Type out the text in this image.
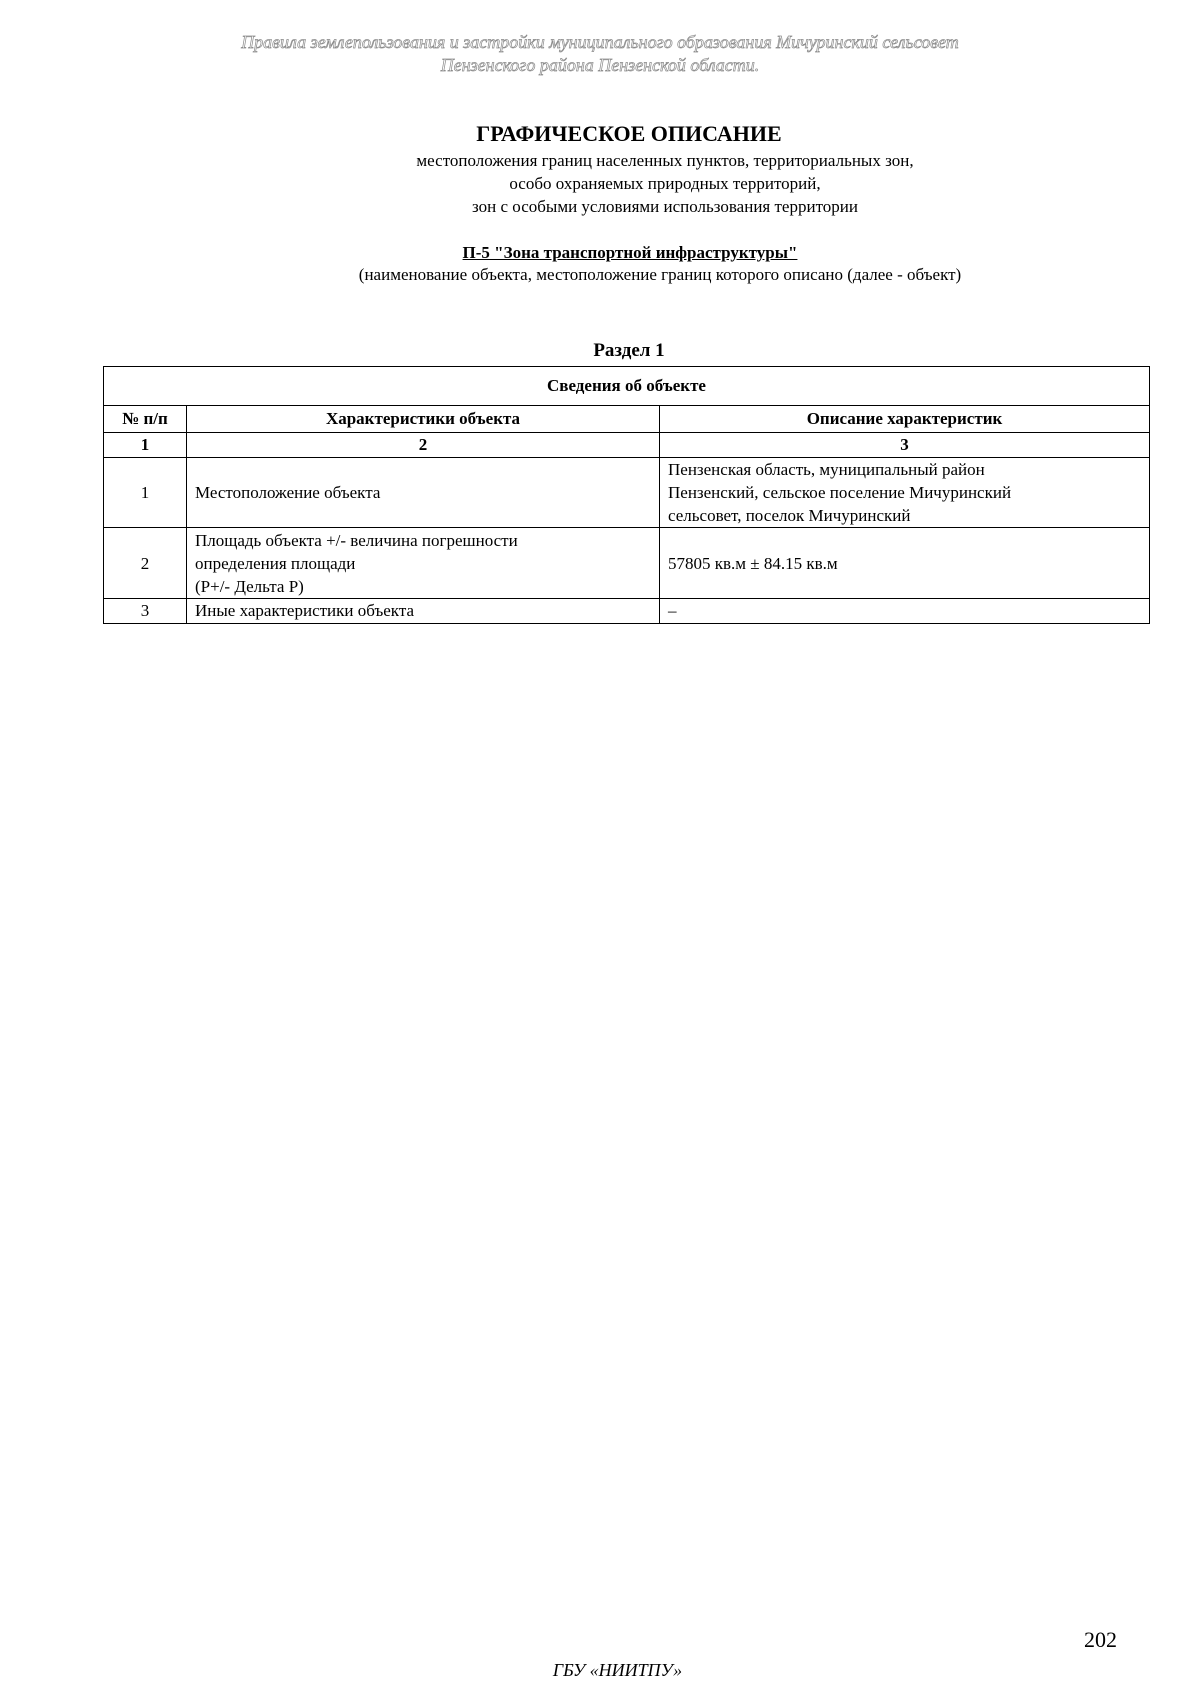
Правила землепользования и застройки муниципального образования Мичуринский сельсовет
Пензенского района Пензенской области.
ГРАФИЧЕСКОЕ ОПИСАНИЕ
местоположения границ населенных пунктов, территориальных зон,
особо охраняемых природных территорий,
зон с особыми условиями использования территории
П-5 "Зона транспортной инфраструктуры"
(наименование объекта, местоположение границ которого описано (далее - объект)
Раздел 1
Сведения об объекте		
№ п/п	Характеристики объекта	Описание характеристик
1	2	3
1	Местоположение объекта	Пензенская область, муниципальный район
Пензенский, сельское поселение Мичуринский
сельсовет, поселок Мичуринский

2	Площадь объекта +/- величина погрешности
определения площади
(Р+/- Дельта Р)	57805 кв.м ± 84.15 кв.м

3	Иные характеристики объекта	–
202
ГБУ «НИИТПУ»
